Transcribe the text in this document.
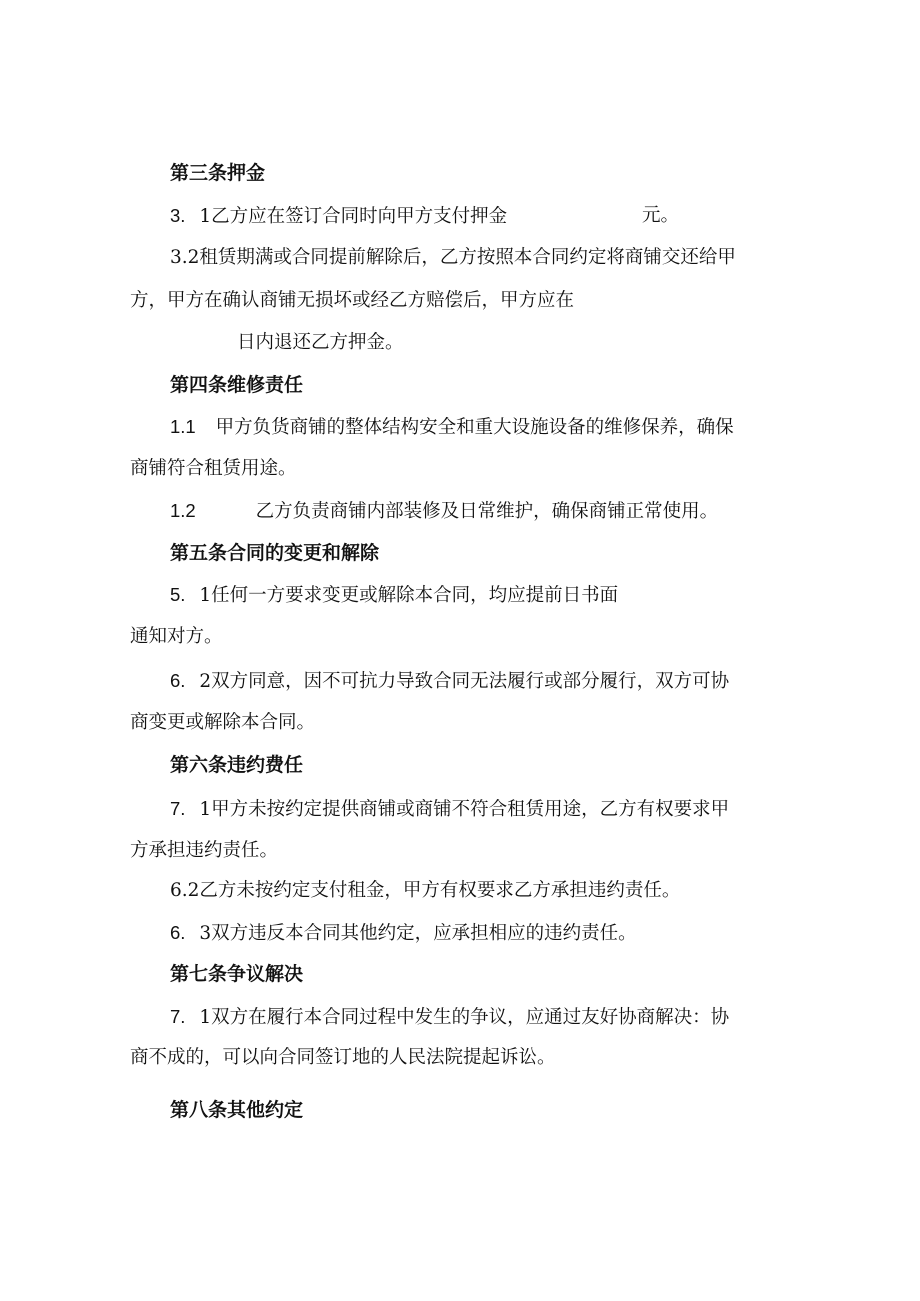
第三条押金
3. 1乙方应在签订合同时向甲方支付押金	元。
3.2租赁期满或合同提前解除后，乙方按照本合同约定将商铺交还给甲
方，甲方在确认商铺无损坏或经乙方赔偿后，甲方应在
日内退还乙方押金。
第四条维修责任
1.1 甲方负货商铺的整体结构安全和重大设施设备的维修保养，确保
商铺符合租赁用途。
1.2	乙方负责商铺内部装修及日常维护，确保商铺正常使用。
第五条合同的变更和解除
5. 1任何一方要求变更或解除本合同，均应提前日书面
通知对方。
6. 2双方同意，因不可抗力导致合同无法履行或部分履行，双方可协
商变更或解除本合同。
第六条违约费任
7. 1甲方未按约定提供商铺或商铺不符合租赁用途，乙方有权要求甲
方承担违约责任。
6.2乙方未按约定支付租金，甲方有权要求乙方承担违约责任。
6. 3双方违反本合同其他约定，应承担相应的违约责任。
第七条争议解决
7. 1双方在履行本合同过程中发生的争议，应通过友好协商解决：协
商不成的，可以向合同签订地的人民法院提起诉讼。
第八条其他约定
